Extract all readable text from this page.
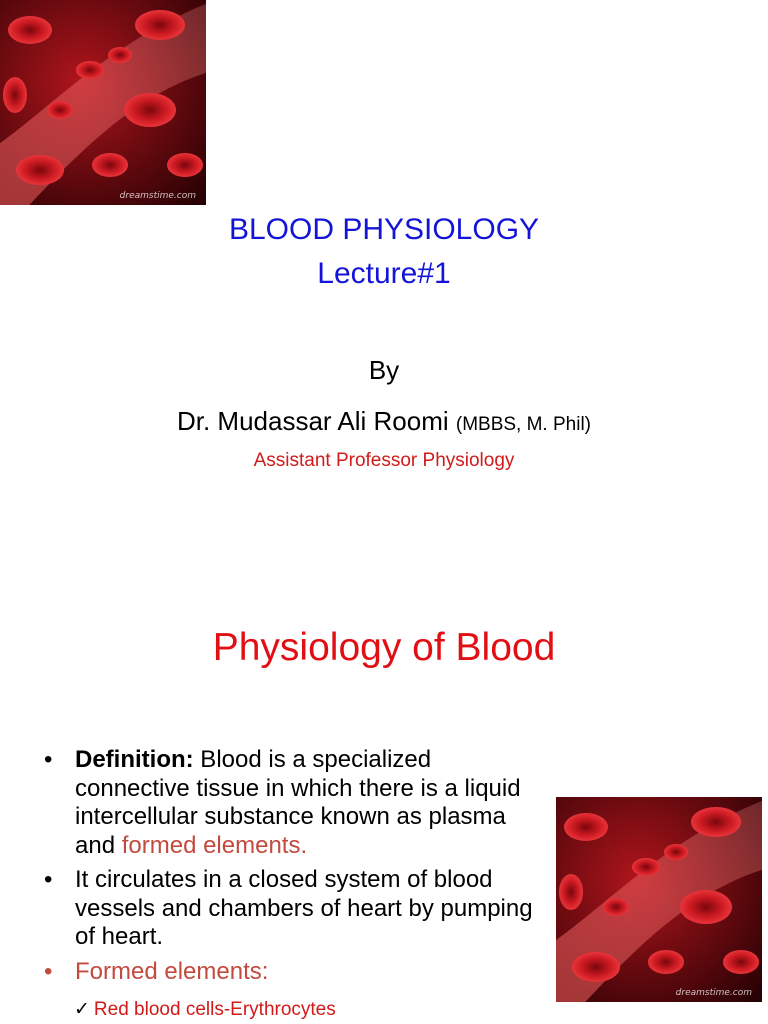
dreamstime.com
BLOOD PHYSIOLOGY
Lecture#1
By
Dr. Mudassar Ali Roomi (MBBS, M. Phil)
Assistant Professor Physiology
Physiology of Blood
• Definition: Blood is a specialized connective tissue in which there is a liquid intercellular substance known as plasma and formed elements.
• It circulates in a closed system of blood vessels and chambers of heart by pumping of heart.
• Formed elements:
✓ Red blood cells-Erythrocytes
dreamstime.com
